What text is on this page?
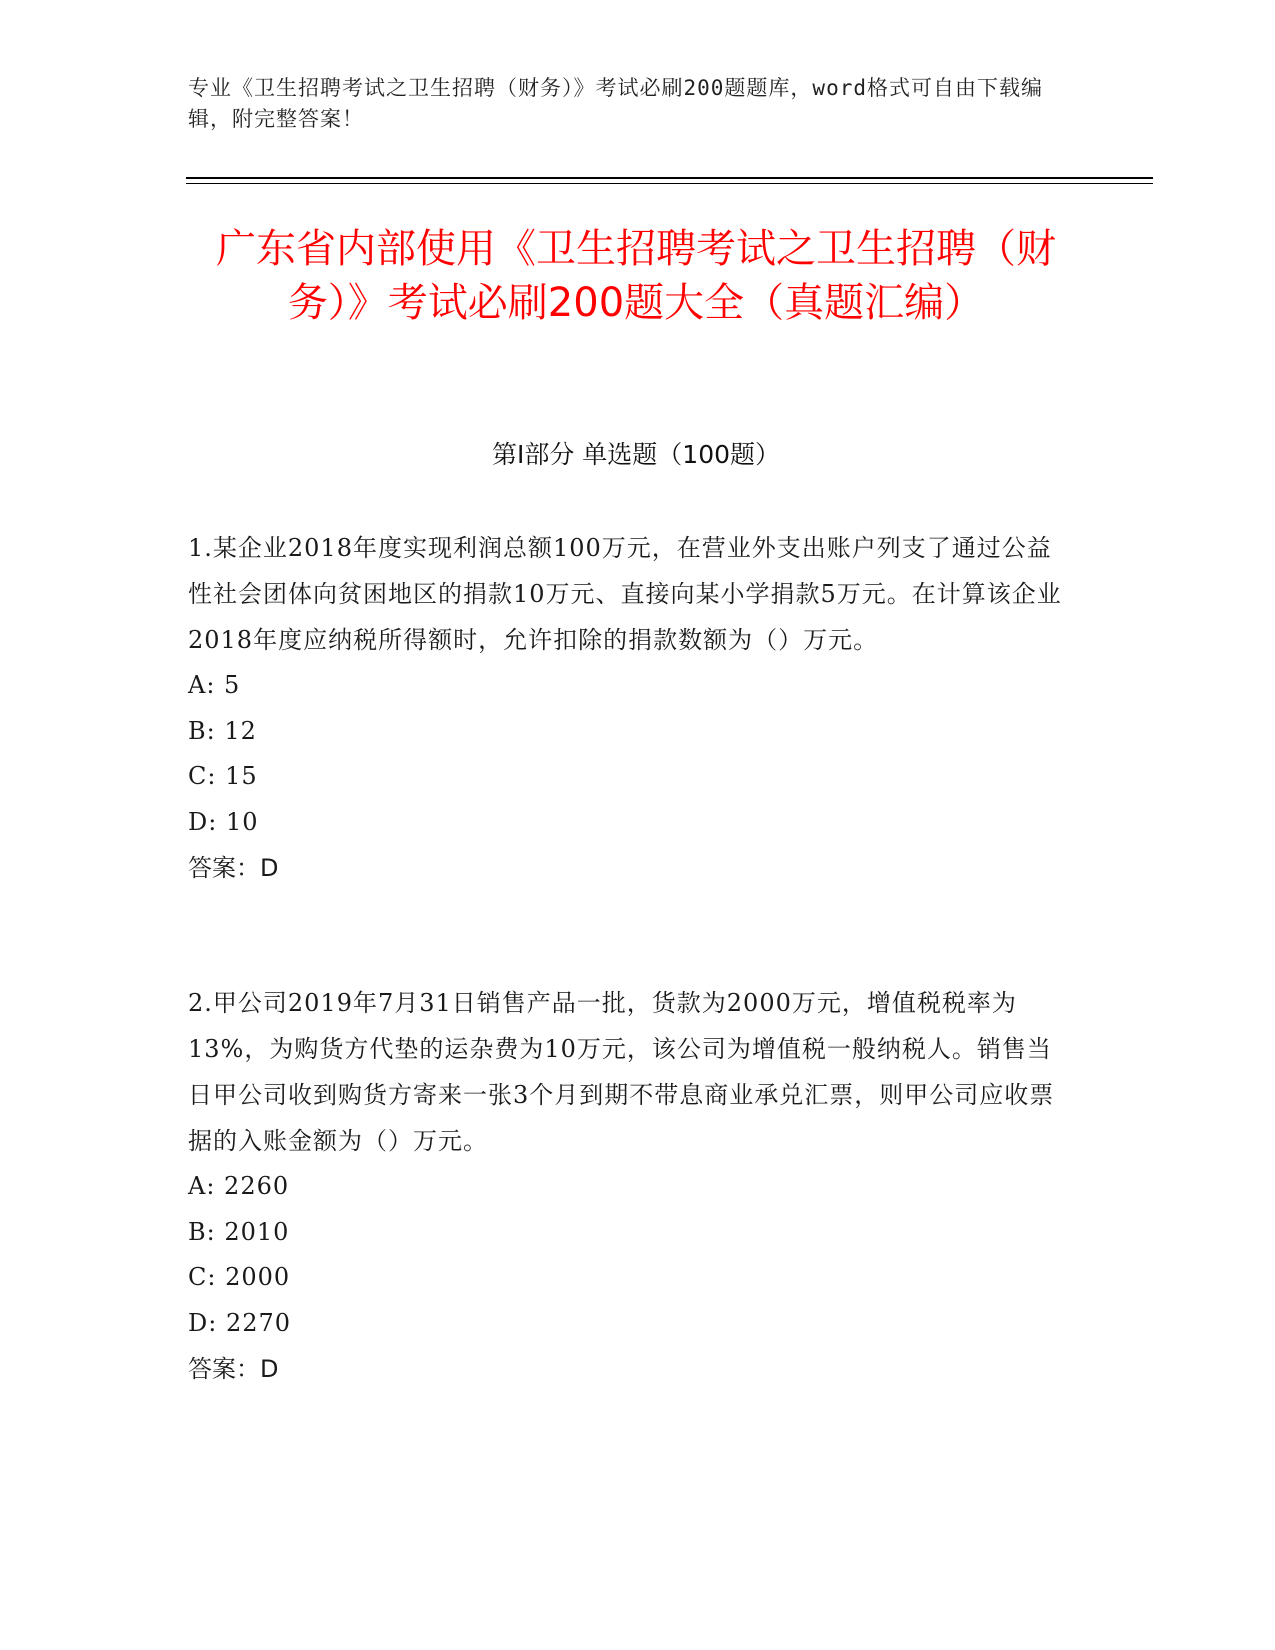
专业《卫生招聘考试之卫生招聘（财务）》考试必刷200题题库，word格式可自由下载编辑，附完整答案！
广东省内部使用《卫生招聘考试之卫生招聘（财务）》考试必刷200题大全（真题汇编）
第I部分 单选题（100题）
1.某企业2018年度实现利润总额100万元，在营业外支出账户列支了通过公益性社会团体向贫困地区的捐款10万元、直接向某小学捐款5万元。在计算该企业2018年度应纳税所得额时，允许扣除的捐款数额为（）万元。
A: 5
B: 12
C: 15
D: 10
答案：D
2.甲公司2019年7月31日销售产品一批，货款为2000万元，增值税税率为13%，为购货方代垫的运杂费为10万元，该公司为增值税一般纳税人。销售当日甲公司收到购货方寄来一张3个月到期不带息商业承兑汇票，则甲公司应收票据的入账金额为（）万元。
A: 2260
B: 2010
C: 2000
D: 2270
答案：D
